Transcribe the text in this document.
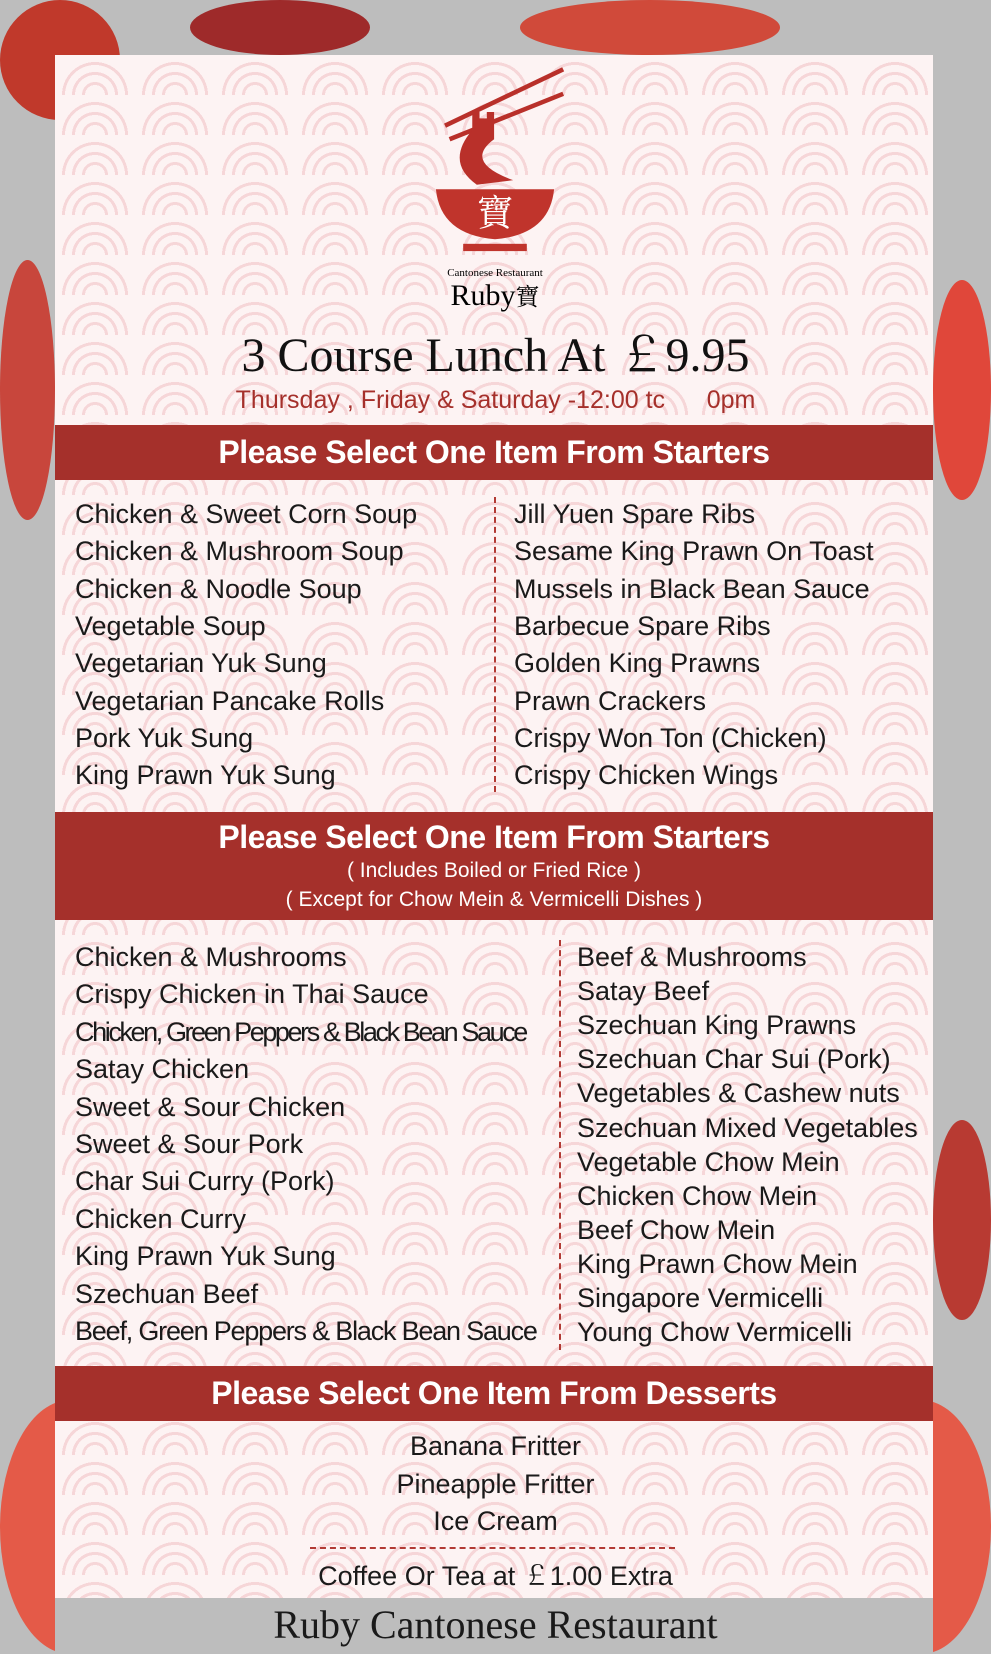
寶
Cantonese Restaurant
Ruby寶
3 Course Lunch At ￡9.95
Thursday , Friday & Saturday -12:00 tc      0pm
Please Select One Item From Starters
Chicken & Sweet Corn Soup
Chicken & Mushroom Soup
Chicken & Noodle Soup
Vegetable Soup
Vegetarian Yuk Sung
Vegetarian Pancake Rolls
Pork Yuk Sung
King Prawn Yuk Sung
Jill Yuen Spare Ribs
Sesame King Prawn On Toast
Mussels in Black Bean Sauce
Barbecue Spare Ribs
Golden King Prawns
Prawn Crackers
Crispy Won Ton (Chicken)
Crispy Chicken Wings
Please Select One Item From Starters
( Includes Boiled or Fried Rice )
( Except for Chow Mein & Vermicelli Dishes )
Chicken & Mushrooms
Crispy Chicken in Thai Sauce
Chicken, Green Peppers & Black Bean Sauce
Satay Chicken
Sweet & Sour Chicken
Sweet & Sour Pork
Char Sui Curry (Pork)
Chicken Curry
King Prawn Yuk Sung
Szechuan Beef
Beef, Green Peppers & Black Bean Sauce
Beef & Mushrooms
Satay Beef
Szechuan King Prawns
Szechuan Char Sui (Pork)
Vegetables & Cashew nuts
Szechuan Mixed Vegetables
Vegetable Chow Mein
Chicken Chow Mein
Beef Chow Mein
King Prawn Chow Mein
Singapore Vermicelli
Young Chow Vermicelli
Please Select One Item From Desserts
Banana Fritter
Pineapple Fritter
Ice Cream
Coffee Or Tea at ￡1.00 Extra
Ruby Cantonese Restaurant
